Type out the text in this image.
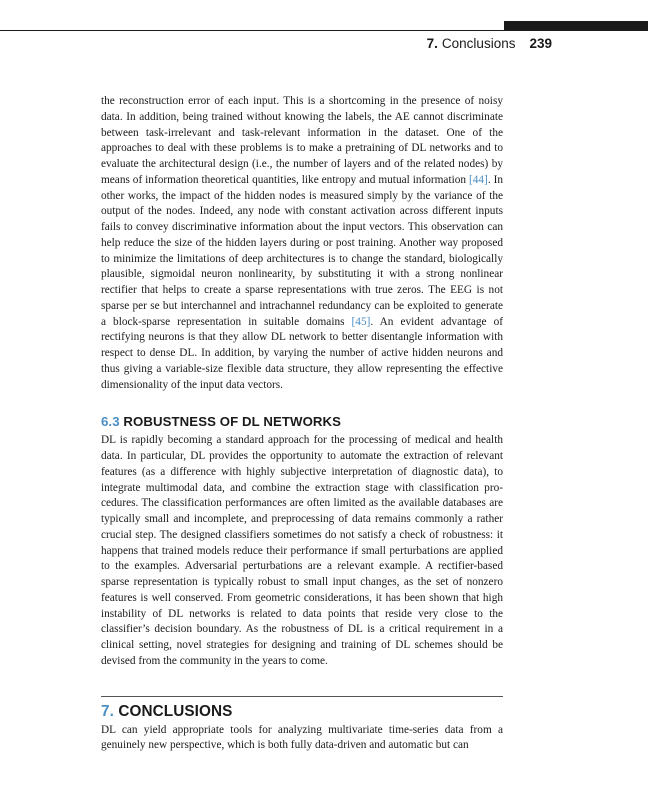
7. Conclusions 239

the reconstruction error of each input. This is a shortcoming in the presence of noisy data. In addition, being trained without knowing the labels, the AE cannot discriminate between task-irrelevant and task-relevant information in the dataset. One of the approaches to deal with these problems is to make a pretraining of DL networks and to evaluate the architectural design (i.e., the number of layers and of the related nodes) by means of information theoretical quantities, like entropy and mutual information [44]. In other works, the impact of the hidden nodes is measured simply by the variance of the output of the nodes. Indeed, any node with constant activation across different inputs fails to convey discriminative information about the input vectors. This observation can help reduce the size of the hidden layers during or post training. Another way proposed to minimize the limitations of deep architectures is to change the standard, biologically plausible, sigmoidal neuron nonlinearity, by substituting it with a strong nonlinear rectifier that helps to create a sparse representations with true zeros. The EEG is not sparse per se but interchannel and intrachannel redundancy can be exploited to generate a block-sparse representation in suitable domains [45]. An evident advantage of rectifying neurons is that they allow DL network to better disentangle information with respect to dense DL. In addition, by varying the number of active hidden neurons and thus giving a variable-size flexible data structure, they allow representing the effective dimensionality of the input data vectors.

6.3 ROBUSTNESS OF DL NETWORKS

DL is rapidly becoming a standard approach for the processing of medical and health data. In particular, DL provides the opportunity to automate the extraction of relevant features (as a difference with highly subjective interpretation of diagnostic data), to integrate multimodal data, and combine the extraction stage with classification procedures. The classification performances are often limited as the available databases are typically small and incomplete, and preprocessing of data remains commonly a rather crucial step. The designed classifiers sometimes do not satisfy a check of robustness: it happens that trained models reduce their performance if small perturbations are applied to the examples. Adversarial perturbations are a relevant example. A rectifier-based sparse representation is typically robust to small input changes, as the set of nonzero features is well conserved. From geometric considerations, it has been shown that high instability of DL networks is related to data points that reside very close to the classifier’s decision boundary. As the robustness of DL is a critical requirement in a clinical setting, novel strategies for designing and training of DL schemes should be devised from the community in the years to come.

7. CONCLUSIONS

DL can yield appropriate tools for analyzing multivariate time-series data from a genuinely new perspective, which is both fully data-driven and automatic but can
